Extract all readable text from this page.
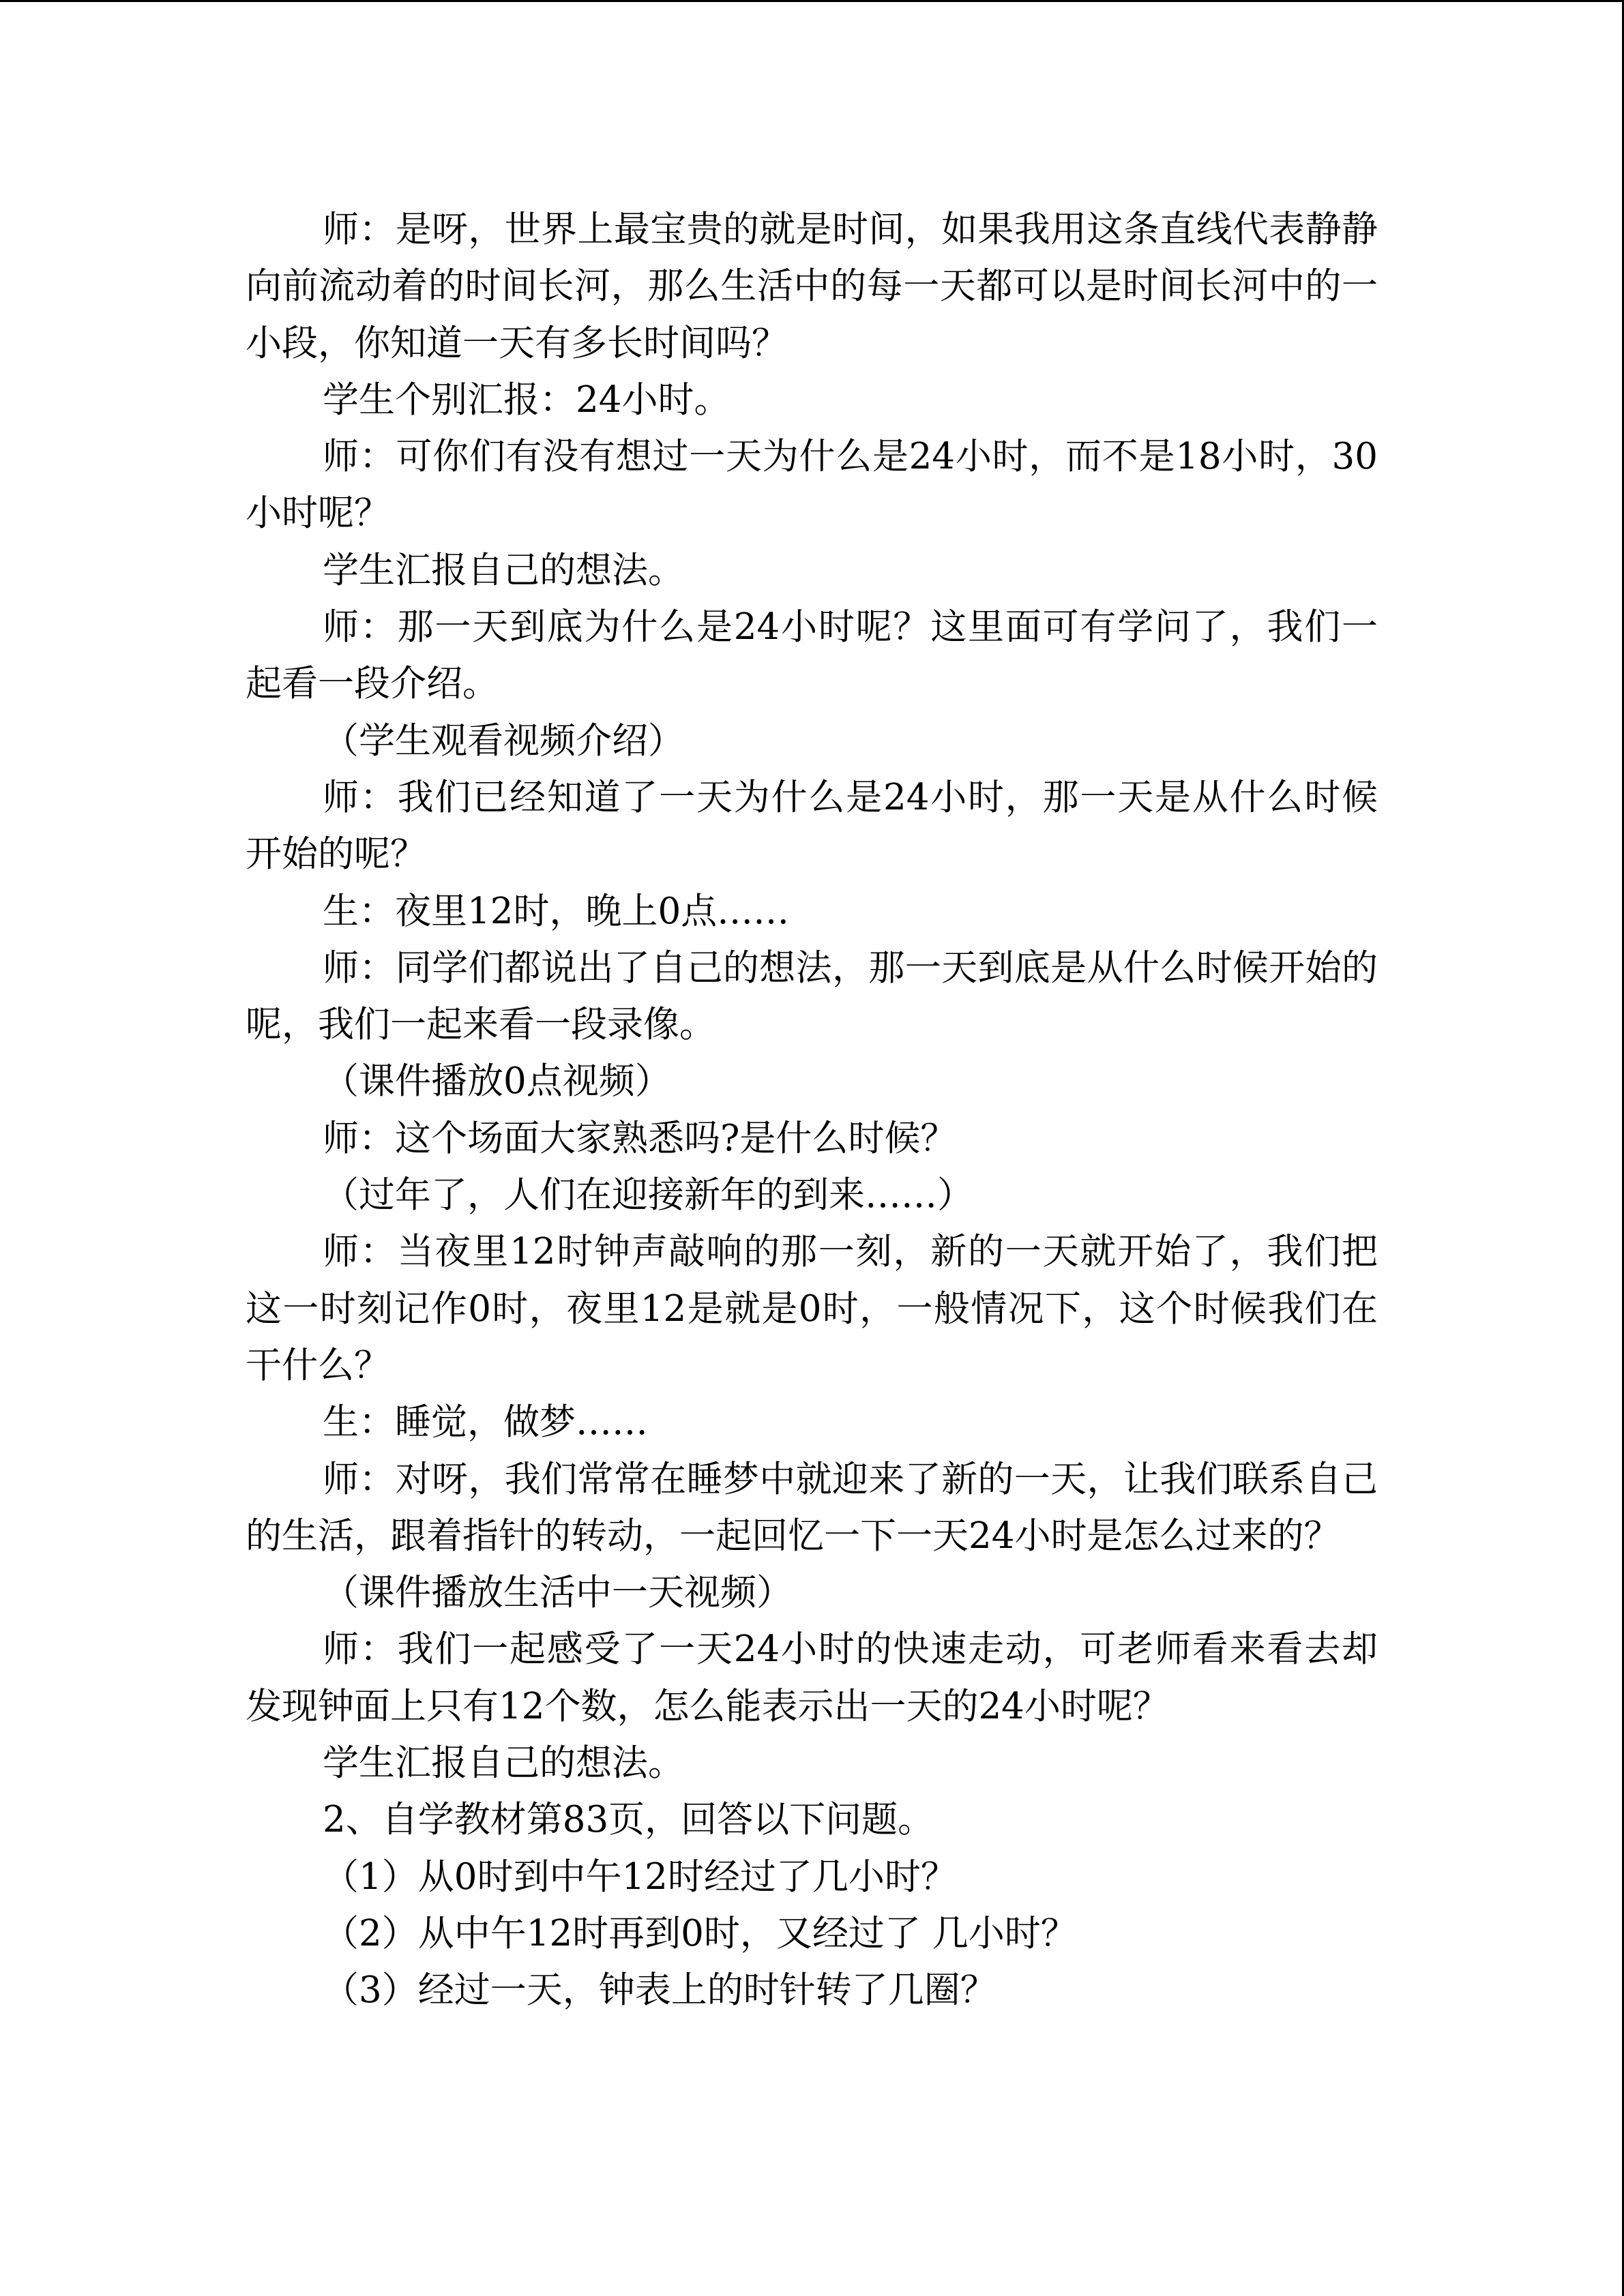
师：是呀，世界上最宝贵的就是时间，如果我用这条直线代表静静向前流动着的时间长河，那么生活中的每一天都可以是时间长河中的一小段，你知道一天有多长时间吗？

学生个别汇报：24小时。

师：可你们有没有想过一天为什么是24小时，而不是18小时，30小时呢？

学生汇报自己的想法。

师：那一天到底为什么是24小时呢？这里面可有学问了，我们一起看一段介绍。

（学生观看视频介绍）

师：我们已经知道了一天为什么是24小时，那一天是从什么时候开始的呢？

生：夜里12时，晚上0点……

师：同学们都说出了自己的想法，那一天到底是从什么时候开始的呢，我们一起来看一段录像。

（课件播放0点视频）

师：这个场面大家熟悉吗?是什么时候？

（过年了，人们在迎接新年的到来……）

师：当夜里12时钟声敲响的那一刻，新的一天就开始了，我们把这一时刻记作0时，夜里12是就是0时，一般情况下，这个时候我们在干什么？

生：睡觉，做梦……

师：对呀，我们常常在睡梦中就迎来了新的一天，让我们联系自己的生活，跟着指针的转动，一起回忆一下一天24小时是怎么过来的？

（课件播放生活中一天视频）

师：我们一起感受了一天24小时的快速走动，可老师看来看去却发现钟面上只有12个数，怎么能表示出一天的24小时呢？

学生汇报自己的想法。

2、自学教材第83页，回答以下问题。

（1）从0时到中午12时经过了几小时？

（2）从中午12时再到0时，又经过了 几小时？

（3）经过一天，钟表上的时针转了几圈？
